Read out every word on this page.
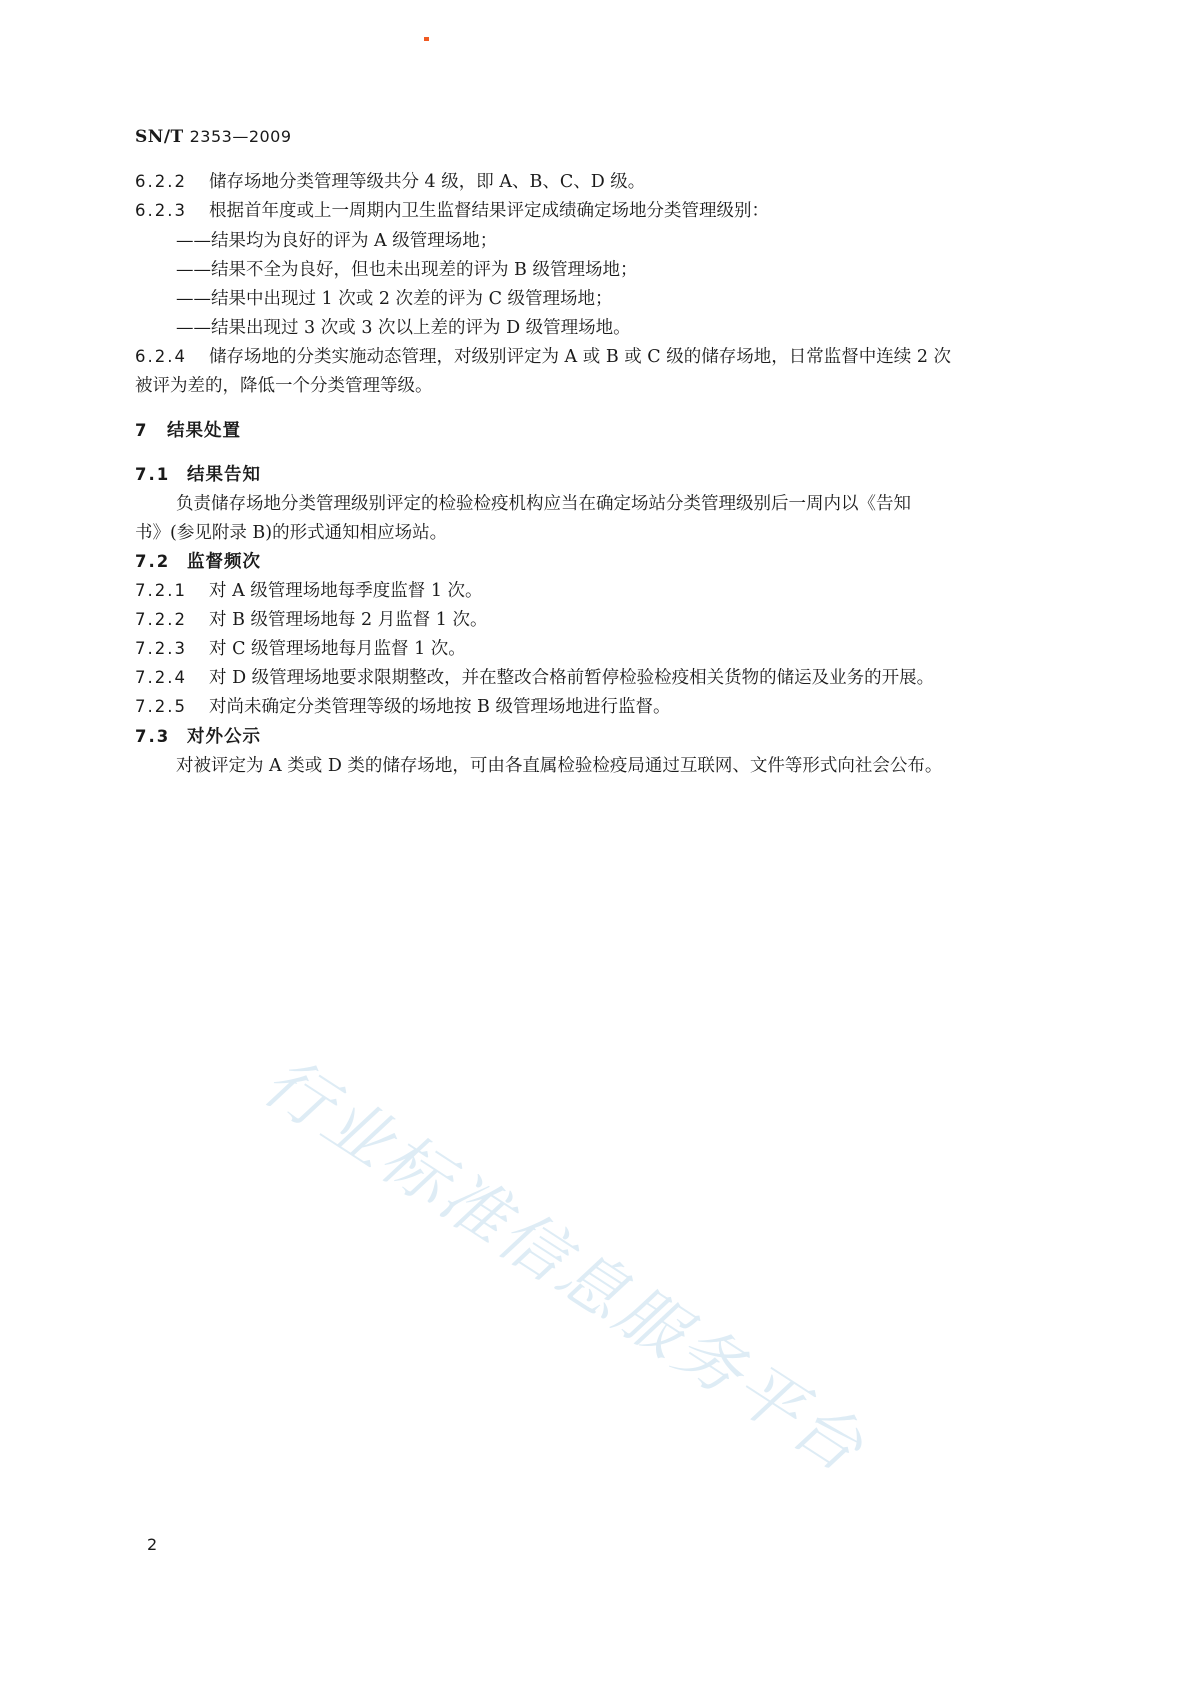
SN/T 2353—2009
6.2.2 储存场地分类管理等级共分 4 级，即 A、B、C、D 级。
6.2.3 根据首年度或上一周期内卫生监督结果评定成绩确定场地分类管理级别：
——结果均为良好的评为 A 级管理场地；
——结果不全为良好，但也未出现差的评为 B 级管理场地；
——结果中出现过 1 次或 2 次差的评为 C 级管理场地；
——结果出现过 3 次或 3 次以上差的评为 D 级管理场地。
6.2.4 储存场地的分类实施动态管理，对级别评定为 A 或 B 或 C 级的储存场地，日常监督中连续 2 次
被评为差的，降低一个分类管理等级。
7 结果处置
7.1 结果告知
负责储存场地分类管理级别评定的检验检疫机构应当在确定场站分类管理级别后一周内以《告知
书》(参见附录 B)的形式通知相应场站。
7.2 监督频次
7.2.1 对 A 级管理场地每季度监督 1 次。
7.2.2 对 B 级管理场地每 2 月监督 1 次。
7.2.3 对 C 级管理场地每月监督 1 次。
7.2.4 对 D 级管理场地要求限期整改，并在整改合格前暂停检验检疫相关货物的储运及业务的开展。
7.2.5 对尚未确定分类管理等级的场地按 B 级管理场地进行监督。
7.3 对外公示
对被评定为 A 类或 D 类的储存场地，可由各直属检验检疫局通过互联网、文件等形式向社会公布。
行业标准信息服务平台
2
